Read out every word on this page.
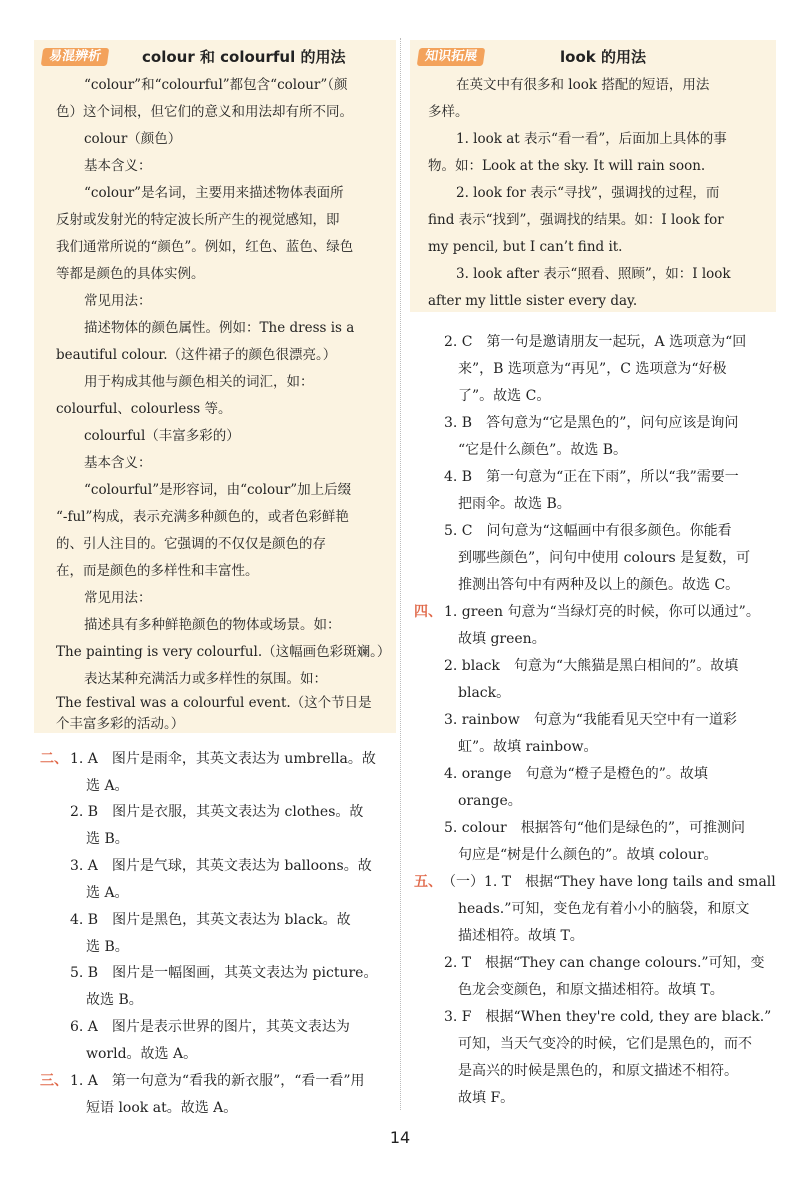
易混辨析	colour 和 colourful 的用法
“colour”和“colourful”都包含“colour”（颜
色）这个词根，但它们的意义和用法却有所不同。
colour（颜色）
基本含义：
“colour”是名词，主要用来描述物体表面所
反射或发射光的特定波长所产生的视觉感知，即
我们通常所说的“颜色”。例如，红色、蓝色、绿色
等都是颜色的具体实例。
常见用法：
描述物体的颜色属性。例如：The dress is a
beautiful colour.（这件裙子的颜色很漂亮。）
用于构成其他与颜色相关的词汇，如：
colourful、colourless 等。
colourful（丰富多彩的）
基本含义：
“colourful”是形容词，由“colour”加上后缀
“-ful”构成，表示充满多种颜色的，或者色彩鲜艳
的、引人注目的。它强调的不仅仅是颜色的存
在，而是颜色的多样性和丰富性。
常见用法：
描述具有多种鲜艳颜色的物体或场景。如：
The painting is very colourful.（这幅画色彩斑斓。）
表达某种充满活力或多样性的氛围。如：
The festival was a colourful event.（这个节日是
个丰富多彩的活动。）
知识拓展	look 的用法
在英文中有很多和 look 搭配的短语，用法
多样。
1. look at 表示“看一看”，后面加上具体的事
物。如：Look at the sky. It will rain soon.
2. look for 表示“寻找”，强调找的过程，而
find 表示“找到”，强调找的结果。如：I look for
my pencil, but I can’t find it.
3. look after 表示“照看、照顾”，如：I look
after my little sister every day.
二、 1. A　图片是雨伞，其英文表达为 umbrella。故
选 A。
2. B　图片是衣服，其英文表达为 clothes。故
选 B。
3. A　图片是气球，其英文表达为 balloons。故
选 A。
4. B　图片是黑色，其英文表达为 black。故
选 B。
5. B　图片是一幅图画，其英文表达为 picture。
故选 B。
6. A　图片是表示世界的图片，其英文表达为
world。故选 A。
三、 1. A　第一句意为“看我的新衣服”，“看一看”用
短语 look at。故选 A。
2. C　第一句是邀请朋友一起玩，A 选项意为“回
来”，B 选项意为“再见”，C 选项意为“好极
了”。故选 C。
3. B　答句意为“它是黑色的”，问句应该是询问
“它是什么颜色”。故选 B。
4. B　第一句意为“正在下雨”，所以“我”需要一
把雨伞。故选 B。
5. C　问句意为“这幅画中有很多颜色。你能看
到哪些颜色”，问句中使用 colours 是复数，可
推测出答句中有两种及以上的颜色。故选 C。
四、 1. green 句意为“当绿灯亮的时候，你可以通过”。
故填 green。
2. black　句意为“大熊猫是黑白相间的”。故填
black。
3. rainbow　句意为“我能看见天空中有一道彩
虹”。故填 rainbow。
4. orange　句意为“橙子是橙色的”。故填
orange。
5. colour　根据答句“他们是绿色的”，可推测问
句应是“树是什么颜色的”。故填 colour。
五、 （一）1. T　根据“They have long tails and small
heads.”可知，变色龙有着小小的脑袋，和原文
描述相符。故填 T。
2. T　根据“They can change colours.”可知，变
色龙会变颜色，和原文描述相符。故填 T。
3. F　根据“When they're cold, they are black.”
可知，当天气变冷的时候，它们是黑色的，而不
是高兴的时候是黑色的，和原文描述不相符。
故填 F。
14
